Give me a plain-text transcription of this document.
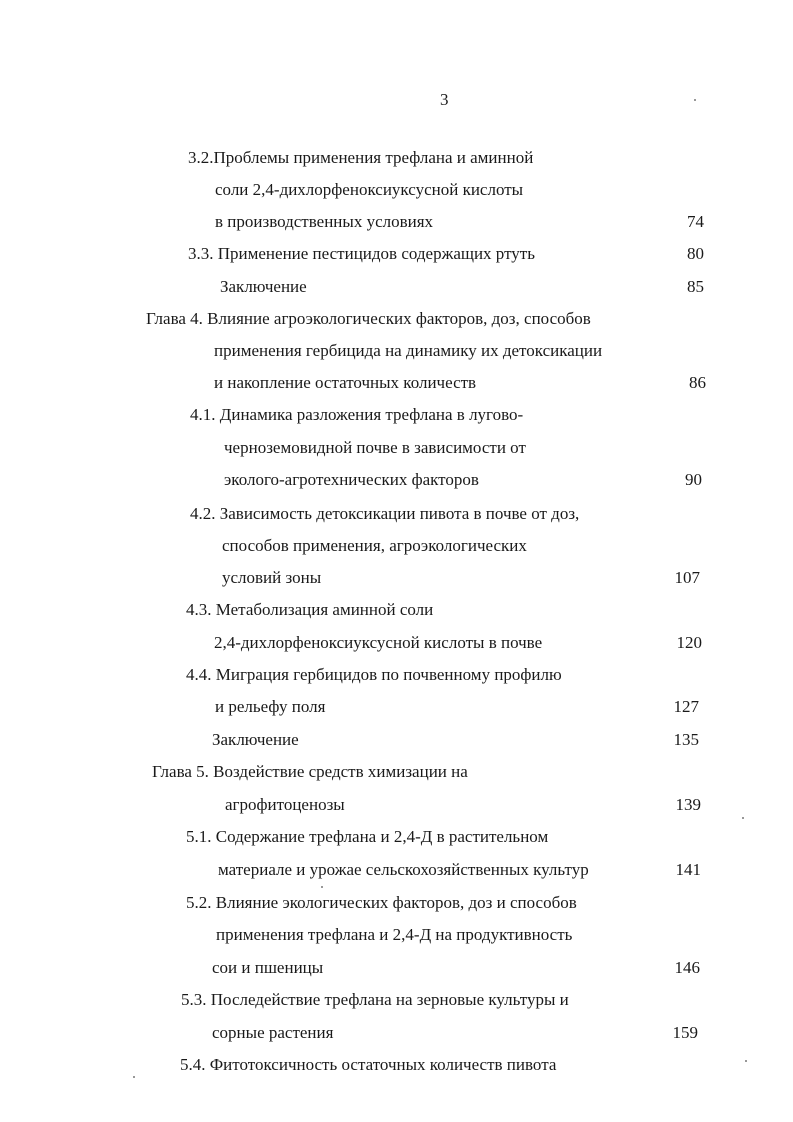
3
3.2.Проблемы применения трефлана и аминной
соли 2,4-дихлорфеноксиуксусной кислоты
в производственных условиях	74
3.3. Применение пестицидов содержащих ртуть	80
Заключение	85
Глава 4. Влияние агроэкологических факторов, доз, способов
применения гербицида на динамику их детоксикации
и накопление остаточных количеств	86
4.1. Динамика разложения трефлана в лугово-
черноземовидной почве в зависимости от
эколого-агротехнических факторов	90
4.2. Зависимость детоксикации пивота в почве от доз,
способов применения, агроэкологических
условий зоны	107
4.3. Метаболизация аминной соли
2,4-дихлорфеноксиуксусной кислоты в почве	120
4.4. Миграция гербицидов по почвенному профилю
и рельефу поля	127
Заключение	135
Глава 5. Воздействие средств химизации на
агрофитоценозы	139
5.1. Содержание трефлана и 2,4-Д в растительном
материале и урожае сельскохозяйственных культур	141
5.2. Влияние экологических факторов, доз и способов
применения трефлана и 2,4-Д на продуктивность
сои и пшеницы	146
5.3. Последействие трефлана на зерновые культуры и
сорные растения	159
5.4. Фитотоксичность остаточных количеств пивота
